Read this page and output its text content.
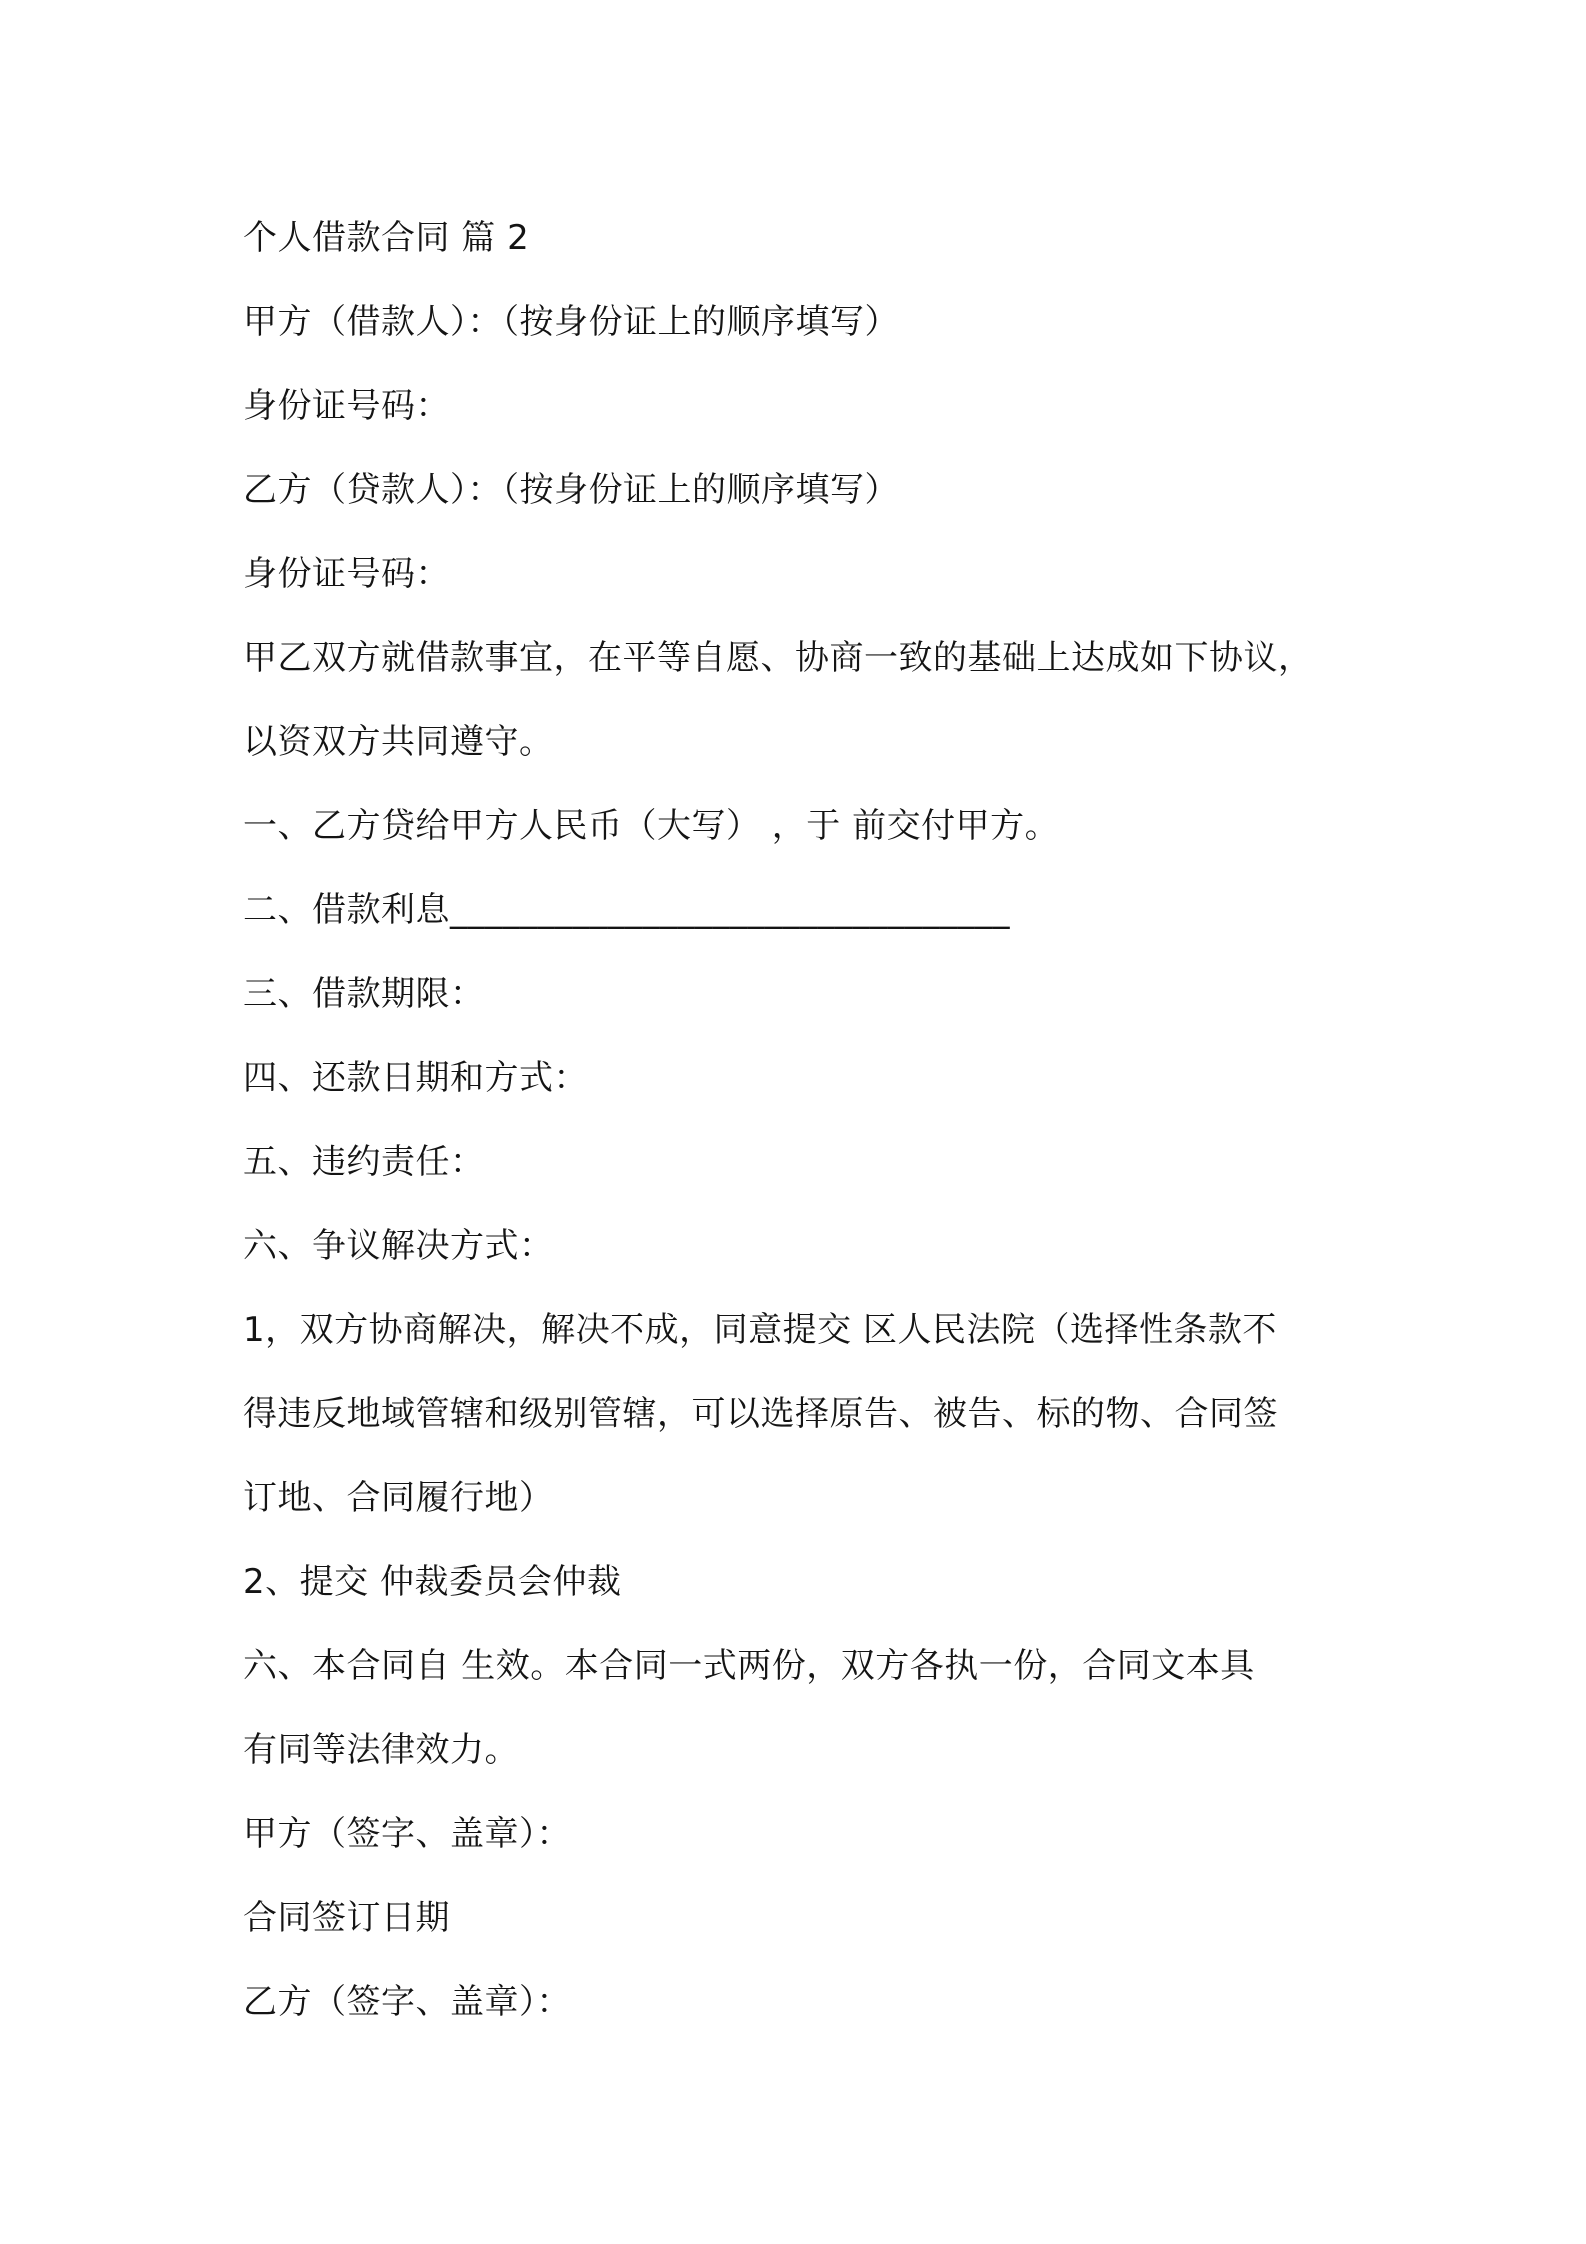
个人借款合同 篇 2
甲方（借款人）：（按身份证上的顺序填写）
身份证号码：
乙方（贷款人）：（按身份证上的顺序填写）
身份证号码：
甲乙双方就借款事宜，在平等自愿、协商一致的基础上达成如下协议，
以资双方共同遵守。
一、乙方贷给甲方人民币（大写） ，于 前交付甲方。
二、借款利息________________________________
三、借款期限：
四、还款日期和方式：
五、违约责任：
六、争议解决方式：
1，双方协商解决，解决不成，同意提交 区人民法院（选择性条款不
得违反地域管辖和级别管辖，可以选择原告、被告、标的物、合同签
订地、合同履行地）
2、提交 仲裁委员会仲裁
六、本合同自 生效。本合同一式两份，双方各执一份，合同文本具
有同等法律效力。
甲方（签字、盖章）：
合同签订日期
乙方（签字、盖章）：
